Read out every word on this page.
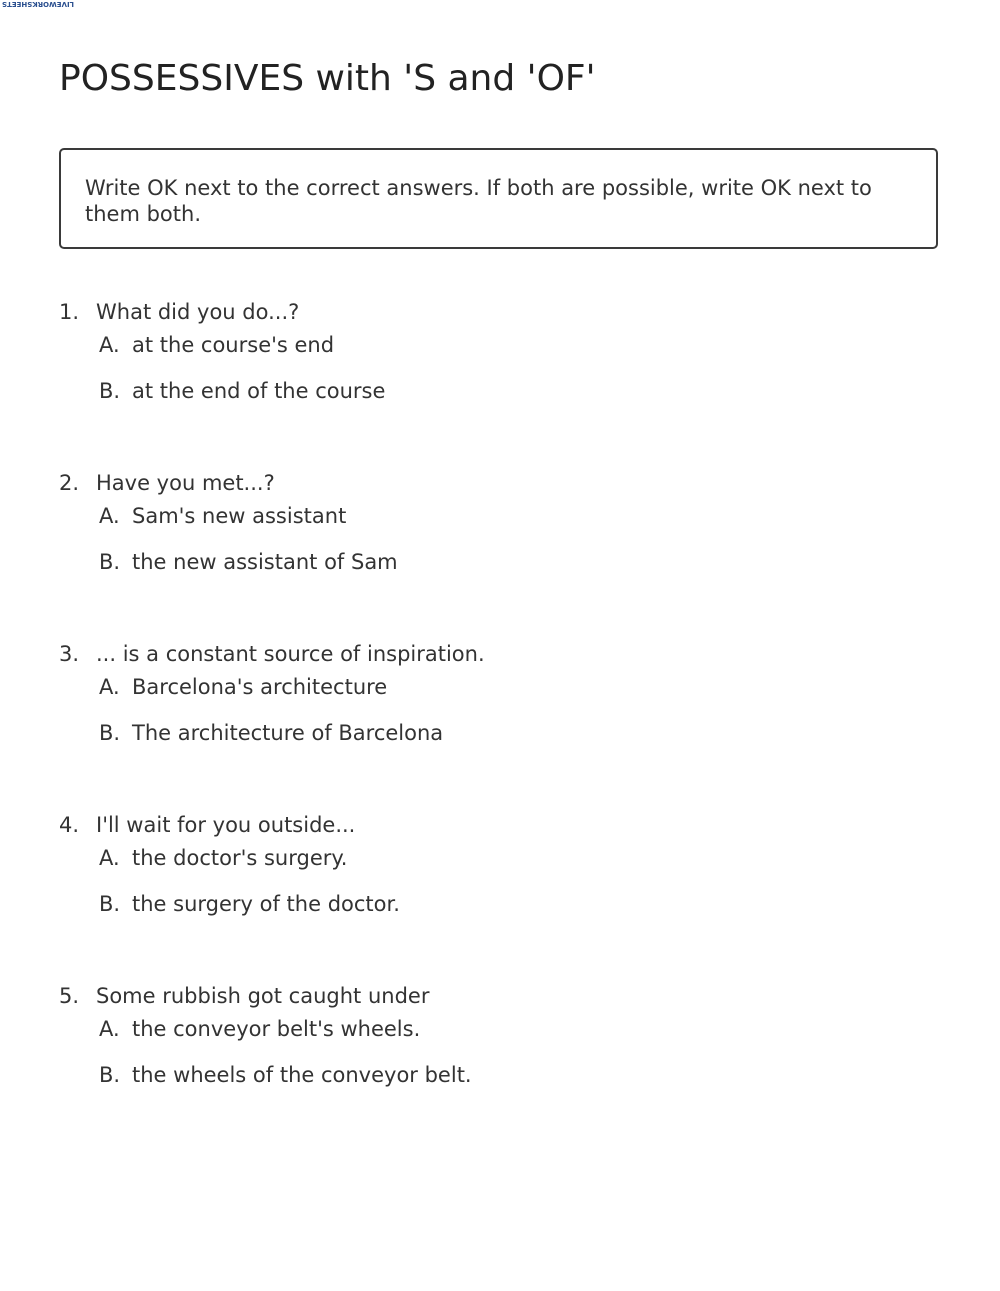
LIVEWORKSHEETS
POSSESSIVES with 'S and 'OF'
Write OK next to the correct answers. If both are possible, write OK next to them both.
1. What did you do...?
A. at the course's end
B. at the end of the course
2. Have you met...?
A. Sam's new assistant
B. the new assistant of Sam
3. ... is a constant source of inspiration.
A. Barcelona's architecture
B. The architecture of Barcelona
4. I'll wait for you outside...
A. the doctor's surgery.
B. the surgery of the doctor.
5. Some rubbish got caught under
A. the conveyor belt's wheels.
B. the wheels of the conveyor belt.
